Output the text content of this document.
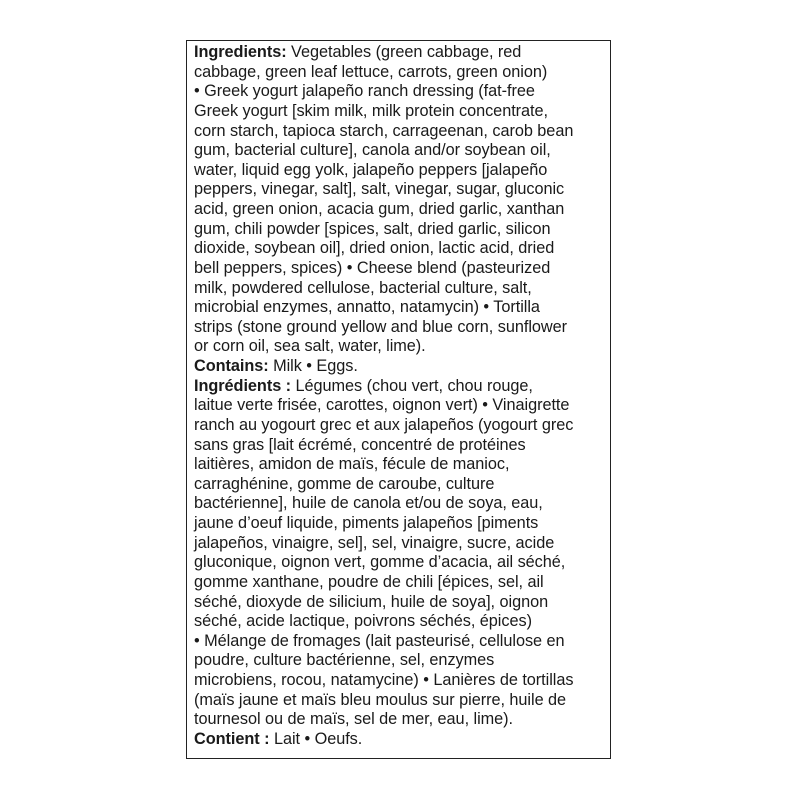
Ingredients: Vegetables (green cabbage, red
cabbage, green leaf lettuce, carrots, green onion)
• Greek yogurt jalapeño ranch dressing (fat-free
Greek yogurt [skim milk, milk protein concentrate,
corn starch, tapioca starch, carrageenan, carob bean
gum, bacterial culture], canola and/or soybean oil,
water, liquid egg yolk, jalapeño peppers [jalapeño
peppers, vinegar, salt], salt, vinegar, sugar, gluconic
acid, green onion, acacia gum, dried garlic, xanthan
gum, chili powder [spices, salt, dried garlic, silicon
dioxide, soybean oil], dried onion, lactic acid, dried
bell peppers, spices) • Cheese blend (pasteurized
milk, powdered cellulose, bacterial culture, salt,
microbial enzymes, annatto, natamycin) • Tortilla
strips (stone ground yellow and blue corn, sunflower
or corn oil, sea salt, water, lime).
Contains: Milk • Eggs.
Ingrédients : Légumes (chou vert, chou rouge,
laitue verte frisée, carottes, oignon vert) • Vinaigrette
ranch au yogourt grec et aux jalapeños (yogourt grec
sans gras [lait écrémé, concentré de protéines
laitières, amidon de maïs, fécule de manioc,
carraghénine, gomme de caroube, culture
bactérienne], huile de canola et/ou de soya, eau,
jaune d’oeuf liquide, piments jalapeños [piments
jalapeños, vinaigre, sel], sel, vinaigre, sucre, acide
gluconique, oignon vert, gomme d’acacia, ail séché,
gomme xanthane, poudre de chili [épices, sel, ail
séché, dioxyde de silicium, huile de soya], oignon
séché, acide lactique, poivrons séchés, épices)
• Mélange de fromages (lait pasteurisé, cellulose en
poudre, culture bactérienne, sel, enzymes
microbiens, rocou, natamycine) • Lanières de tortillas
(maïs jaune et maïs bleu moulus sur pierre, huile de
tournesol ou de maïs, sel de mer, eau, lime).
Contient : Lait • Oeufs.
